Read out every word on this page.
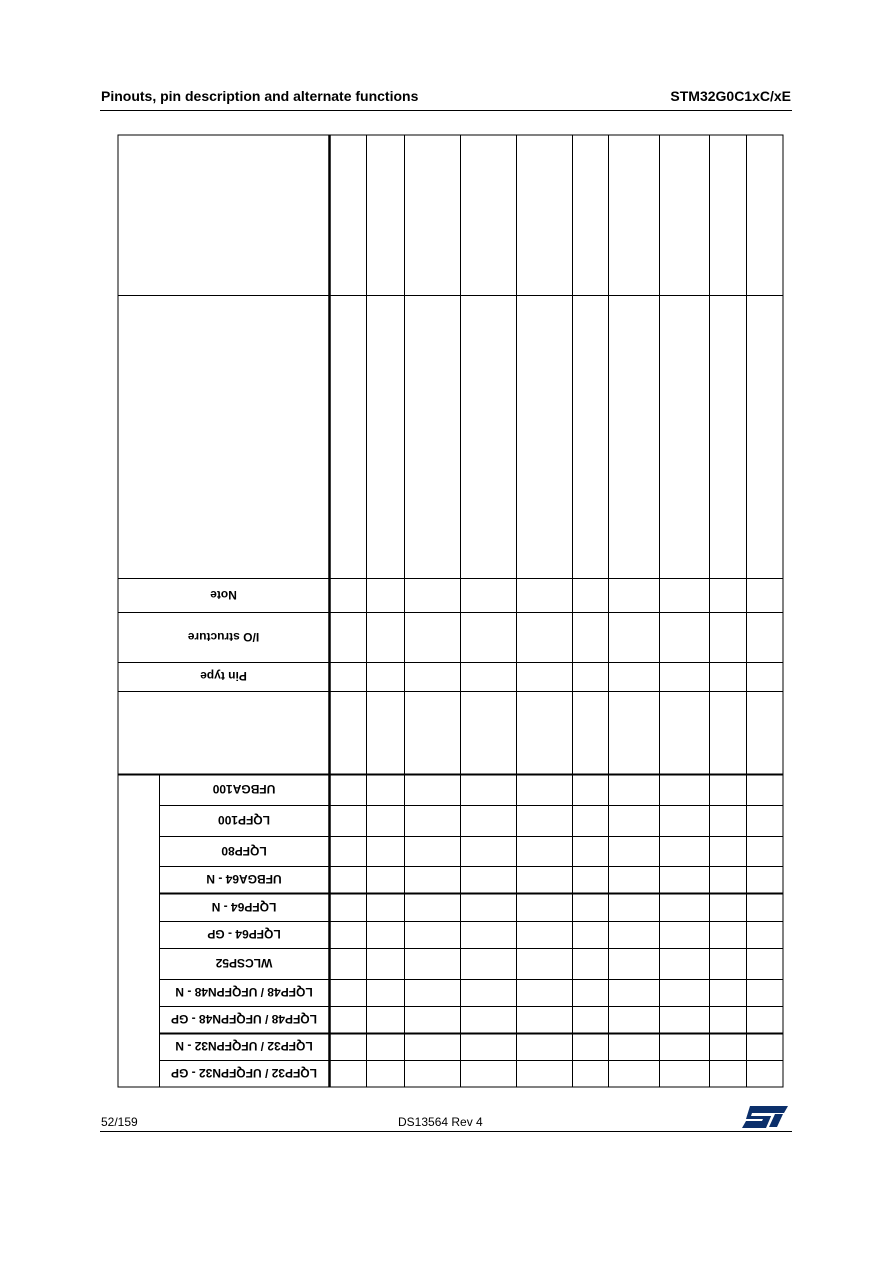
Pinouts, pin description and alternate functions	STM32G0C1xC/xE
Note
I/O structure
Pin type
UFBGA100
LQFP100
LQFP80
UFBGA64 - N
LQFP64 - N
LQFP64 - GP
WLCSP52
LQFP48 / UFQFPN48 - N
LQFP48 / UFQFPN48 - GP
LQFP32 / UFQFPN32 - N
LQFP32 / UFQFPN32 - GP
52/159	DS13564 Rev 4
